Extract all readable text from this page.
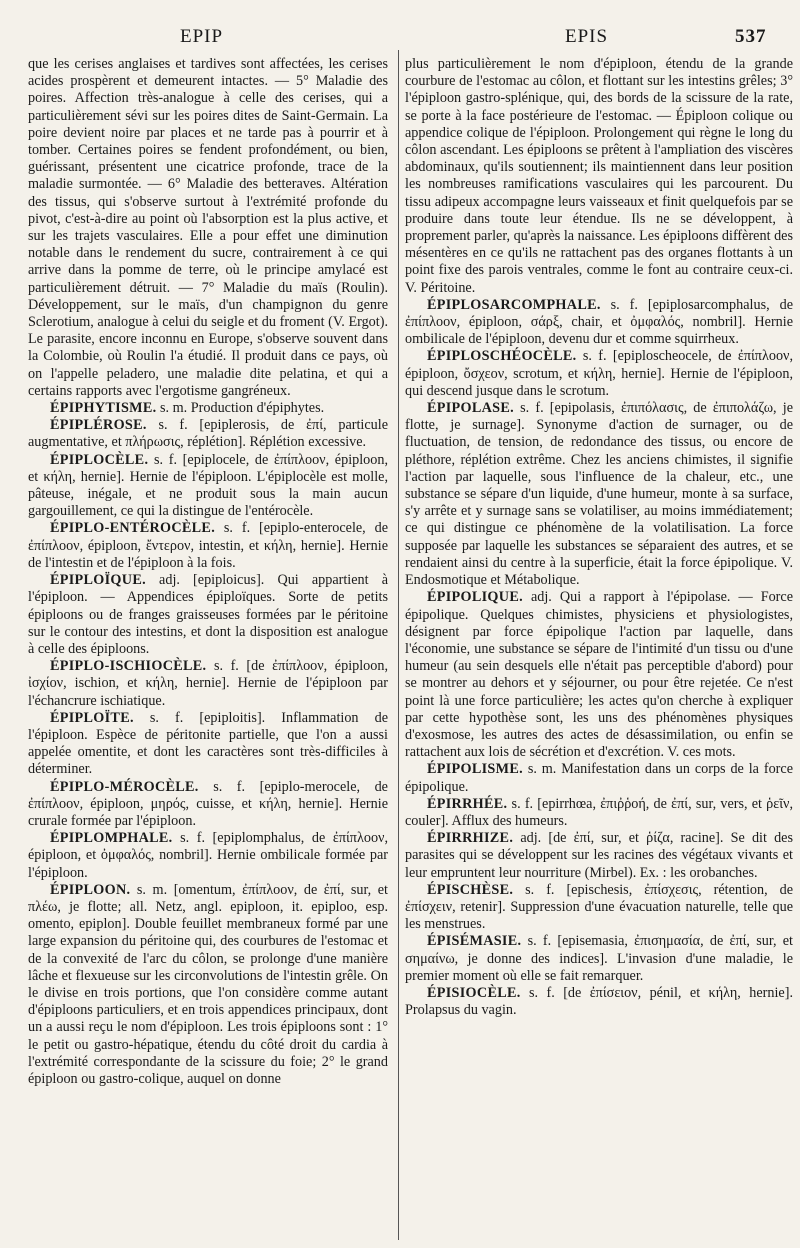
EPIP	EPIS	537

que les cerises anglaises et tardives sont affectées, les cerises acides prospèrent et demeurent intactes. — 5° Maladie des poires. Affection très-analogue à celle des cerises, qui a particulièrement sévi sur les poires dites de Saint-Germain. La poire devient noire par places et ne tarde pas à pourrir et à tomber. Certaines poires se fendent profondément, ou bien, guérissant, présentent une cicatrice profonde, trace de la maladie surmontée. — 6° Maladie des betteraves. Altération des tissus, qui s'observe surtout à l'extrémité profonde du pivot, c'est-à-dire au point où l'absorption est la plus active, et sur les trajets vasculaires. Elle a pour effet une diminution notable dans le rendement du sucre, contrairement à ce qui arrive dans la pomme de terre, où le principe amylacé est particulièrement détruit. — 7° Maladie du maïs (Roulin). Développement, sur le maïs, d'un champignon du genre Sclerotium, analogue à celui du seigle et du froment (V. Ergot). Le parasite, encore inconnu en Europe, s'observe souvent dans la Colombie, où Roulin l'a étudié. Il produit dans ce pays, où on l'appelle peladero, une maladie dite pelatina, et qui a certains rapports avec l'ergotisme gangréneux.

ÉPIPHYTISME. s. m. Production d'épiphytes.

ÉPIPLÉROSE. s. f. [epiplerosis, de ἐπί, particule augmentative, et πλήρωσις, réplétion]. Réplétion excessive.

ÉPIPLOCÈLE. s. f. [epiplocele, de ἐπίπλοον, épiploon, et κήλη, hernie]. Hernie de l'épiploon. L'épiplocèle est molle, pâteuse, inégale, et ne produit sous la main aucun gargouillement, ce qui la distingue de l'entérocèle.

ÉPIPLO-ENTÉROCÈLE. s. f. [epiplo-enterocele, de ἐπίπλοον, épiploon, ἔντερον, intestin, et κήλη, hernie]. Hernie de l'intestin et de l'épiploon à la fois.

ÉPIPLOÏQUE. adj. [epiploicus]. Qui appartient à l'épiploon. — Appendices épiploïques. Sorte de petits épiploons ou de franges graisseuses formées par le péritoine sur le contour des intestins, et dont la disposition est analogue à celle des épiploons.

ÉPIPLO-ISCHIOCÈLE. s. f. [de ἐπίπλοον, épiploon, ἰσχίον, ischion, et κήλη, hernie]. Hernie de l'épiploon par l'échancrure ischiatique.

ÉPIPLOÏTE. s. f. [epiploitis]. Inflammation de l'épiploon. Espèce de péritonite partielle, que l'on a aussi appelée omentite, et dont les caractères sont très-difficiles à déterminer.

ÉPIPLO-MÉROCÈLE. s. f. [epiplo-merocele, de ἐπίπλοον, épiploon, μηρός, cuisse, et κήλη, hernie]. Hernie crurale formée par l'épiploon.

ÉPIPLOMPHALE. s. f. [epiplomphalus, de ἐπίπλοον, épiploon, et ὀμφαλός, nombril]. Hernie ombilicale formée par l'épiploon.

ÉPIPLOON. s. m. [omentum, ἐπίπλοον, de ἐπί, sur, et πλέω, je flotte; all. Netz, angl. epiploon, it. epiploo, esp. omento, epiplon]. Double feuillet membraneux formé par une large expansion du péritoine qui, des courbures de l'estomac et de la convexité de l'arc du côlon, se prolonge d'une manière lâche et flexueuse sur les circonvolutions de l'intestin grêle. On le divise en trois portions, que l'on considère comme autant d'épiploons particuliers, et en trois appendices principaux, dont un a aussi reçu le nom d'épiploon. Les trois épiploons sont : 1° le petit ou gastro-hépatique, étendu du côté droit du cardia à l'extrémité correspondante de la scissure du foie; 2° le grand épiploon ou gastro-colique, auquel on donne

plus particulièrement le nom d'épiploon, étendu de la grande courbure de l'estomac au côlon, et flottant sur les intestins grêles; 3° l'épiploon gastro-splénique, qui, des bords de la scissure de la rate, se porte à la face postérieure de l'estomac. — Épiploon colique ou appendice colique de l'épiploon. Prolongement qui règne le long du côlon ascendant. Les épiploons se prêtent à l'ampliation des viscères abdominaux, qu'ils soutiennent; ils maintiennent dans leur position les nombreuses ramifications vasculaires qui les parcourent. Du tissu adipeux accompagne leurs vaisseaux et finit quelquefois par se produire dans toute leur étendue. Ils ne se développent, à proprement parler, qu'après la naissance. Les épiploons diffèrent des mésentères en ce qu'ils ne rattachent pas des organes flottants à un point fixe des parois ventrales, comme le font au contraire ceux-ci. V. Péritoine.

ÉPIPLOSARCOMPHALE. s. f. [epiplosarcomphalus, de ἐπίπλοον, épiploon, σάρξ, chair, et ὀμφαλός, nombril]. Hernie ombilicale de l'épiploon, devenu dur et comme squirrheux.

ÉPIPLOSCHÉOCÈLE. s. f. [epiploscheocele, de ἐπίπλοον, épiploon, ὄσχεον, scrotum, et κήλη, hernie]. Hernie de l'épiploon, qui descend jusque dans le scrotum.

ÉPIPOLASE. s. f. [epipolasis, ἐπιπόλασις, de ἐπιπολάζω, je flotte, je surnage]. Synonyme d'action de surnager, ou de fluctuation, de tension, de redondance des tissus, ou encore de pléthore, réplétion extrême. Chez les anciens chimistes, il signifie l'action par laquelle, sous l'influence de la chaleur, etc., une substance se sépare d'un liquide, d'une humeur, monte à sa surface, s'y arrête et y surnage sans se volatiliser, au moins immédiatement; ce qui distingue ce phénomène de la volatilisation. La force supposée par laquelle les substances se séparaient des autres, et se rendaient ainsi du centre à la superficie, était la force épipolique. V. Endosmotique et Métabolique.

ÉPIPOLIQUE. adj. Qui a rapport à l'épipolase. — Force épipolique. Quelques chimistes, physiciens et physiologistes, désignent par force épipolique l'action par laquelle, dans l'économie, une substance se sépare de l'intimité d'un tissu ou d'une humeur (au sein desquels elle n'était pas perceptible d'abord) pour se montrer au dehors et y séjourner, ou pour être rejetée. Ce n'est point là une force particulière; les actes qu'on cherche à expliquer par cette hypothèse sont, les uns des phénomènes physiques d'exosmose, les autres des actes de désassimilation, ou enfin se rattachent aux lois de sécrétion et d'excrétion. V. ces mots.

ÉPIPOLISME. s. m. Manifestation dans un corps de la force épipolique.

ÉPIRRHÉE. s. f. [epirrhœa, ἐπιῤῥοή, de ἐπί, sur, vers, et ῥεῖν, couler]. Afflux des humeurs.

ÉPIRRHIZE. adj. [de ἐπί, sur, et ῥίζα, racine]. Se dit des parasites qui se développent sur les racines des végétaux vivants et leur empruntent leur nourriture (Mirbel). Ex. : les orobanches.

ÉPISCHÈSE. s. f. [epischesis, ἐπίσχεσις, rétention, de ἐπίσχειν, retenir]. Suppression d'une évacuation naturelle, telle que les menstrues.

ÉPISÉMASIE. s. f. [episemasia, ἐπισημασία, de ἐπί, sur, et σημαίνω, je donne des indices]. L'invasion d'une maladie, le premier moment où elle se fait remarquer.

ÉPISIOCÈLE. s. f. [de ἐπίσειον, pénil, et κήλη, hernie]. Prolapsus du vagin.
